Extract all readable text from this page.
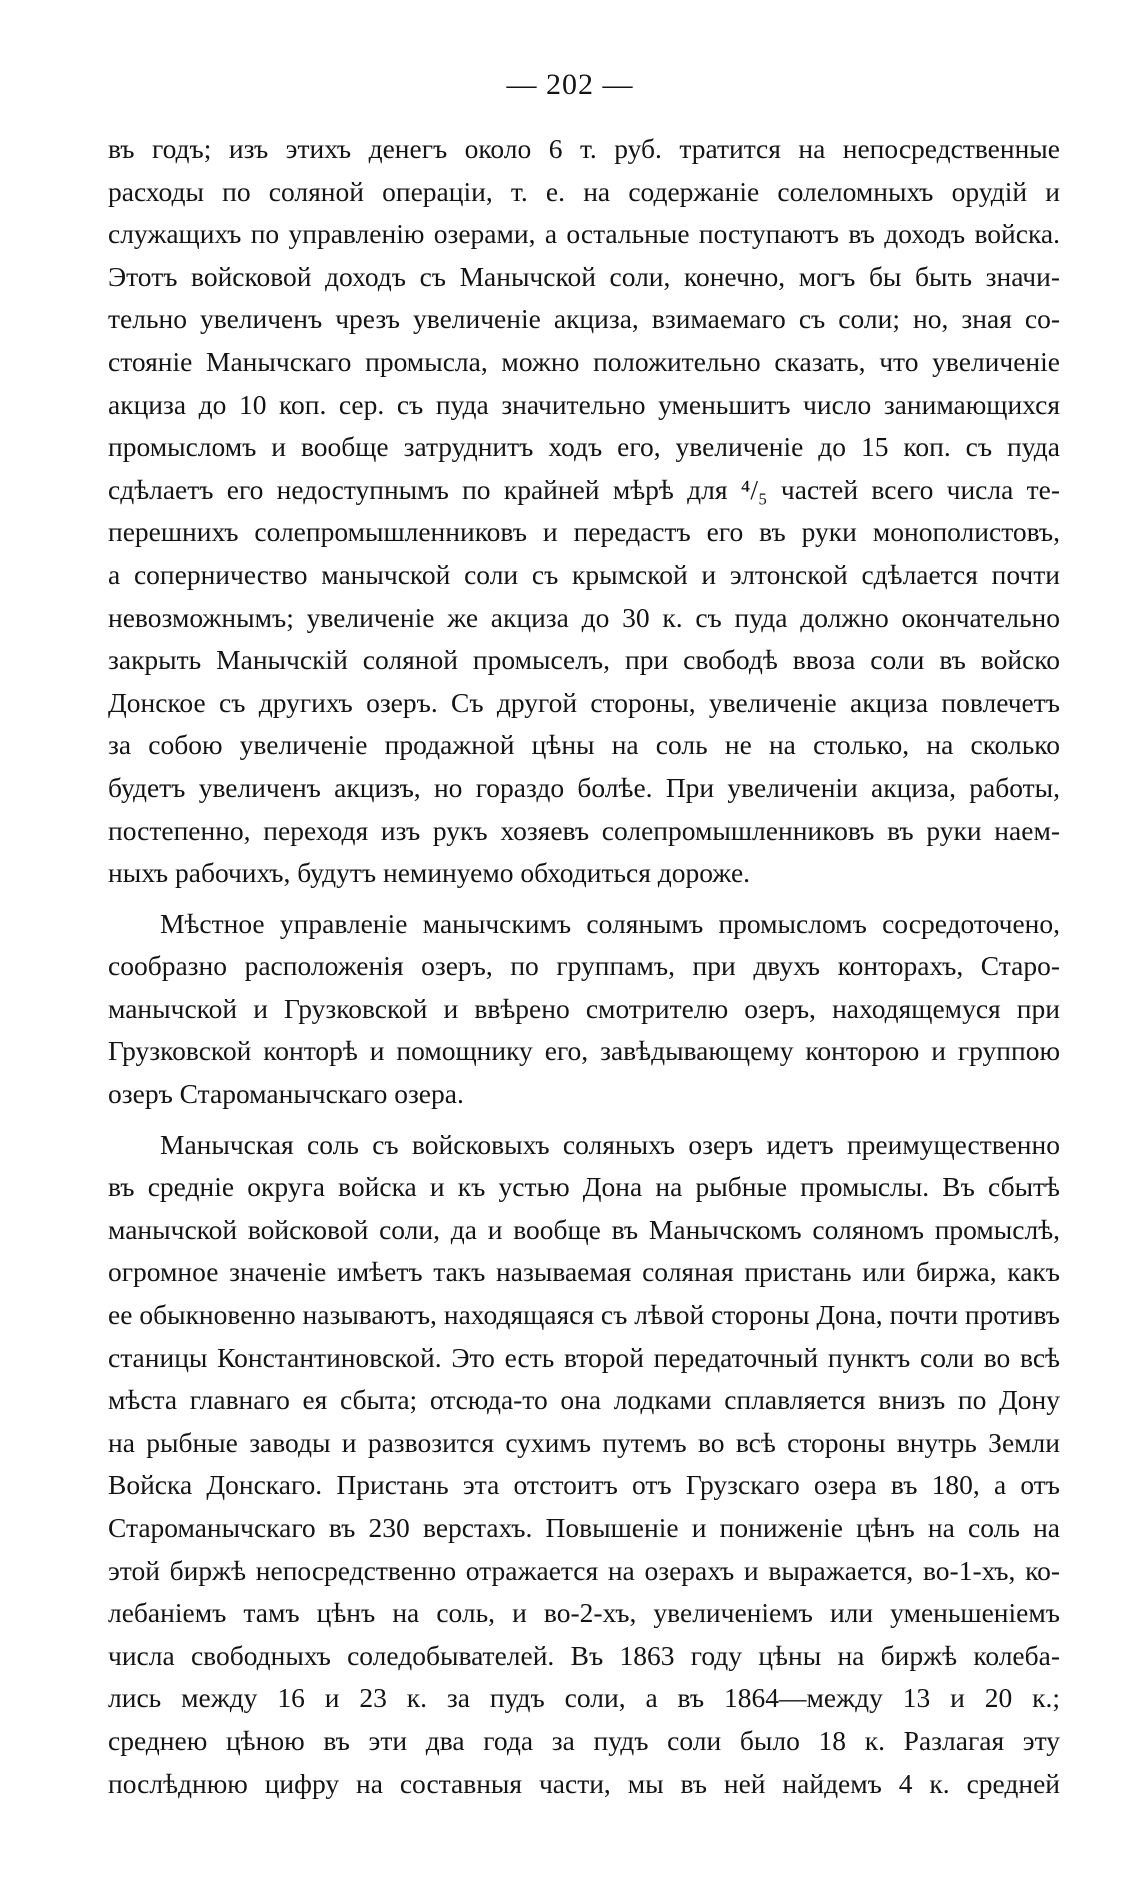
— 202 —
въ годъ; изъ этихъ денегъ около 6 т. руб. тратится на непосредственные
расходы по соляной операціи, т. е. на содержаніе солеломныхъ орудій и
служащихъ по управленію озерами, а остальные поступаютъ въ доходъ войска.
Этотъ войсковой доходъ съ Манычской соли, конечно, могъ бы быть значи-
тельно увеличенъ чрезъ увеличеніе акциза, взимаемаго съ соли; но, зная со-
стояніе Манычскаго промысла, можно положительно сказать, что увеличеніе
акциза до 10 коп. сер. съ пуда значительно уменьшитъ число занимающихся
промысломъ и вообще затруднитъ ходъ его, увеличеніе до 15 коп. съ пуда
сдѣлаетъ его недоступнымъ по крайней мѣрѣ для ⁴/₅ частей всего числа те-
перешнихъ солепромышленниковъ и передастъ его въ руки монополистовъ,
а соперничество манычской соли съ крымской и элтонской сдѣлается почти
невозможнымъ; увеличеніе же акциза до 30 к. съ пуда должно окончательно
закрыть Манычскій соляной промыселъ, при свободѣ ввоза соли въ войско
Донское съ другихъ озеръ. Съ другой стороны, увеличеніе акциза повлечетъ
за собою увеличеніе продажной цѣны на соль не на столько, на сколько
будетъ увеличенъ акцизъ, но гораздо болѣе. При увеличеніи акциза, работы,
постепенно, переходя изъ рукъ хозяевъ солепромышленниковъ въ руки наем-
ныхъ рабочихъ, будутъ неминуемо обходиться дороже.
Мѣстное управленіе манычскимъ солянымъ промысломъ сосредоточено,
сообразно расположенія озеръ, по группамъ, при двухъ конторахъ, Старо-
манычской и Грузковской и ввѣрено смотрителю озеръ, находящемуся при
Грузковской конторѣ и помощнику его, завѣдывающему конторою и группою
озеръ Староманычскаго озера.
Манычская соль съ войсковыхъ соляныхъ озеръ идетъ преимущественно
въ средніе округа войска и къ устью Дона на рыбные промыслы. Въ сбытѣ
манычской войсковой соли, да и вообще въ Манычскомъ соляномъ промыслѣ,
огромное значеніе имѣетъ такъ называемая соляная пристань или биржа, какъ
ее обыкновенно называютъ, находящаяся съ лѣвой стороны Дона, почти противъ
станицы Константиновской. Это есть второй передаточный пунктъ соли во всѣ
мѣста главнаго ея сбыта; отсюда-то она лодками сплавляется внизъ по Дону
на рыбные заводы и развозится сухимъ путемъ во всѣ стороны внутрь Земли
Войска Донскаго. Пристань эта отстоитъ отъ Грузскаго озера въ 180, а отъ
Староманычскаго въ 230 верстахъ. Повышеніе и пониженіе цѣнъ на соль на
этой биржѣ непосредственно отражается на озерахъ и выражается, во-1-хъ, ко-
лебаніемъ тамъ цѣнъ на соль, и во-2-хъ, увеличеніемъ или уменьшеніемъ
числа свободныхъ соледобывателей. Въ 1863 году цѣны на биржѣ колеба-
лись между 16 и 23 к. за пудъ соли, а въ 1864—между 13 и 20 к.;
среднею цѣною въ эти два года за пудъ соли было 18 к. Разлагая эту
послѣднюю цифру на составныя части, мы въ ней найдемъ 4 к. средней
